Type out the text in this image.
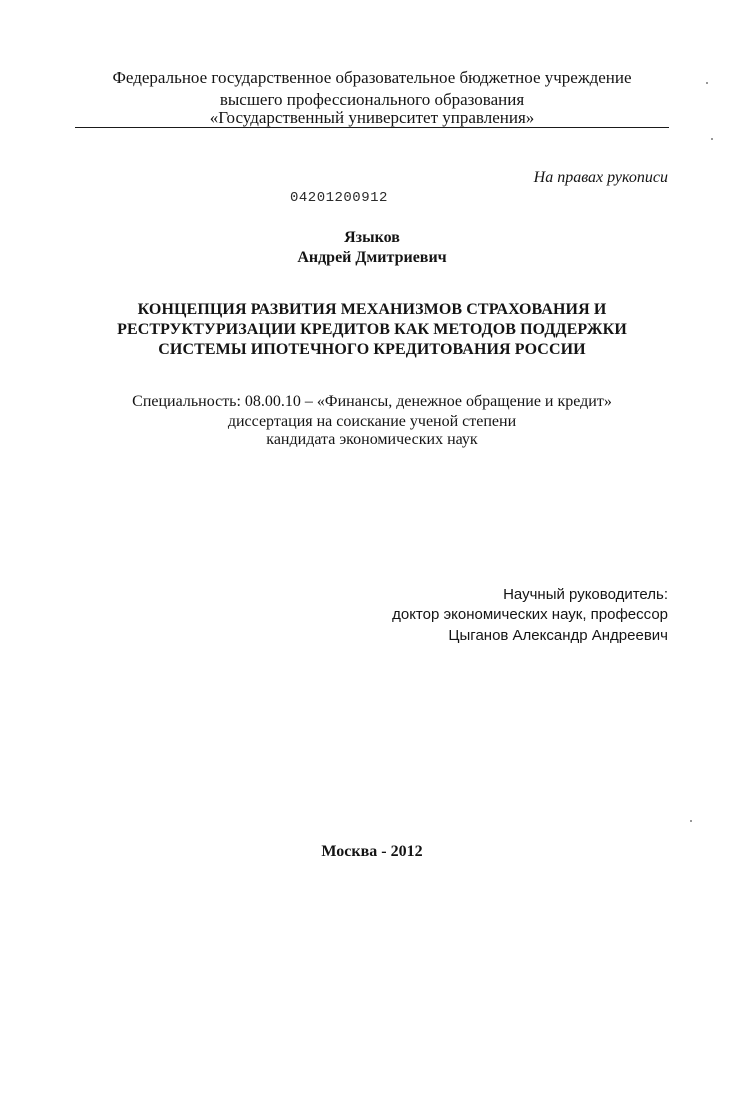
Федеральное государственное образовательное бюджетное учреждение
высшего профессионального образования
«Государственный университет управления»
На правах рукописи
04201200912
Языков
Андрей Дмитриевич
КОНЦЕПЦИЯ РАЗВИТИЯ МЕХАНИЗМОВ СТРАХОВАНИЯ И
РЕСТРУКТУРИЗАЦИИ КРЕДИТОВ КАК МЕТОДОВ ПОДДЕРЖКИ
СИСТЕМЫ ИПОТЕЧНОГО КРЕДИТОВАНИЯ РОССИИ
Специальность: 08.00.10 – «Финансы, денежное обращение и кредит»
диссертация на соискание ученой степени
кандидата экономических наук
Научный руководитель:
доктор экономических наук, профессор
Цыганов Александр Андреевич
Москва - 2012
